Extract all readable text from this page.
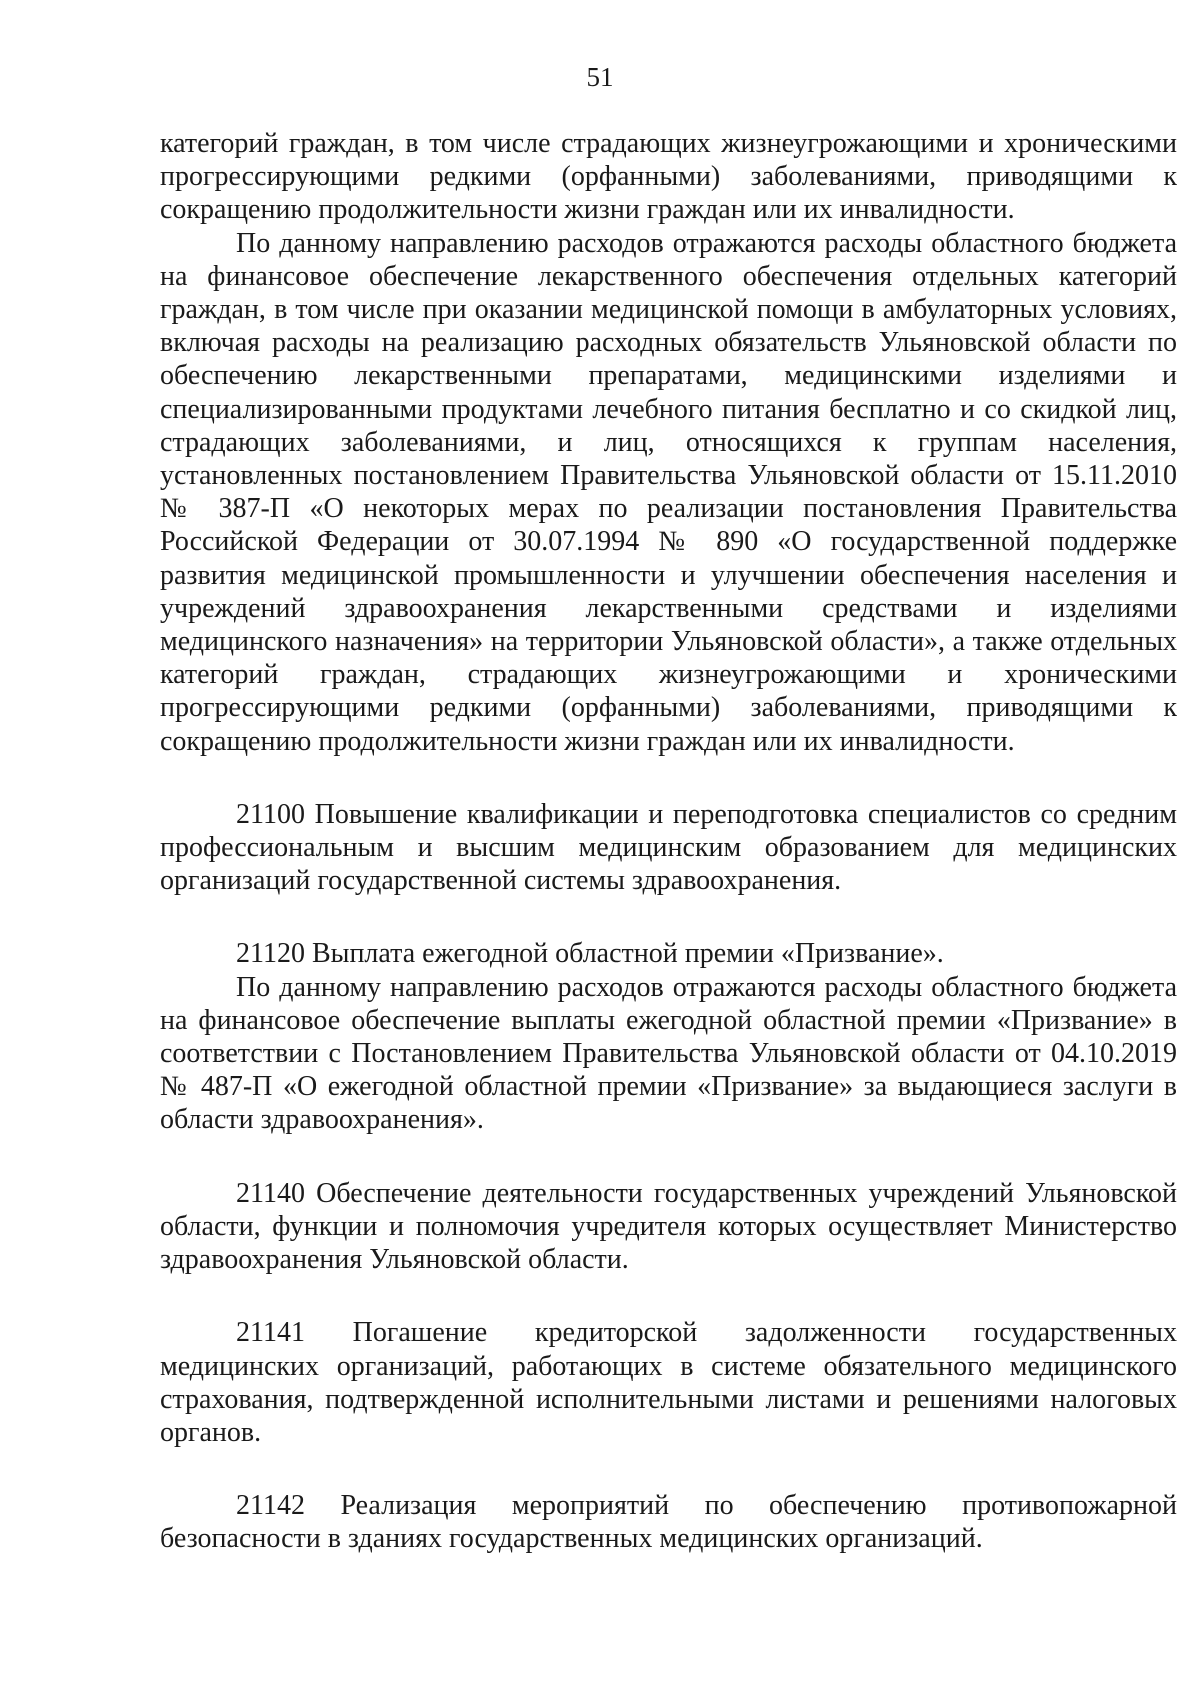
51

категорий граждан, в том числе страдающих жизнеугрожающими и хроническими прогрессирующими редкими (орфанными) заболеваниями, приводящими к сокращению продолжительности жизни граждан или их инвалидности.

По данному направлению расходов отражаются расходы областного бюджета на финансовое обеспечение лекарственного обеспечения отдельных категорий граждан, в том числе при оказании медицинской помощи в амбулаторных условиях, включая расходы на реализацию расходных обязательств Ульяновской области по обеспечению лекарственными препаратами, медицинскими изделиями и специализированными продуктами лечебного питания бесплатно и со скидкой лиц, страдающих заболеваниями, и лиц, относящихся к группам населения, установленных постановлением Правительства Ульяновской области от 15.11.2010 № 387-П «О некоторых мерах по реализации постановления Правительства Российской Федерации от 30.07.1994 № 890 «О государственной поддержке развития медицинской промышленности и улучшении обеспечения населения и учреждений здравоохранения лекарственными средствами и изделиями медицинского назначения» на территории Ульяновской области», а также отдельных категорий граждан, страдающих жизнеугрожающими и хроническими прогрессирующими редкими (орфанными) заболеваниями, приводящими к сокращению продолжительности жизни граждан или их инвалидности.

21100 Повышение квалификации и переподготовка специалистов со средним профессиональным и высшим медицинским образованием для медицинских организаций государственной системы здравоохранения.

21120 Выплата ежегодной областной премии «Призвание».

По данному направлению расходов отражаются расходы областного бюджета на финансовое обеспечение выплаты ежегодной областной премии «Призвание» в соответствии с Постановлением Правительства Ульяновской области от 04.10.2019 № 487-П «О ежегодной областной премии «Призвание» за выдающиеся заслуги в области здравоохранения».

21140 Обеспечение деятельности государственных учреждений Ульяновской области, функции и полномочия учредителя которых осуществляет Министерство здравоохранения Ульяновской области.

21141 Погашение кредиторской задолженности государственных медицинских организаций, работающих в системе обязательного медицинского страхования, подтвержденной исполнительными листами и решениями налоговых органов.

21142 Реализация мероприятий по обеспечению противопожарной безопасности в зданиях государственных медицинских организаций.
